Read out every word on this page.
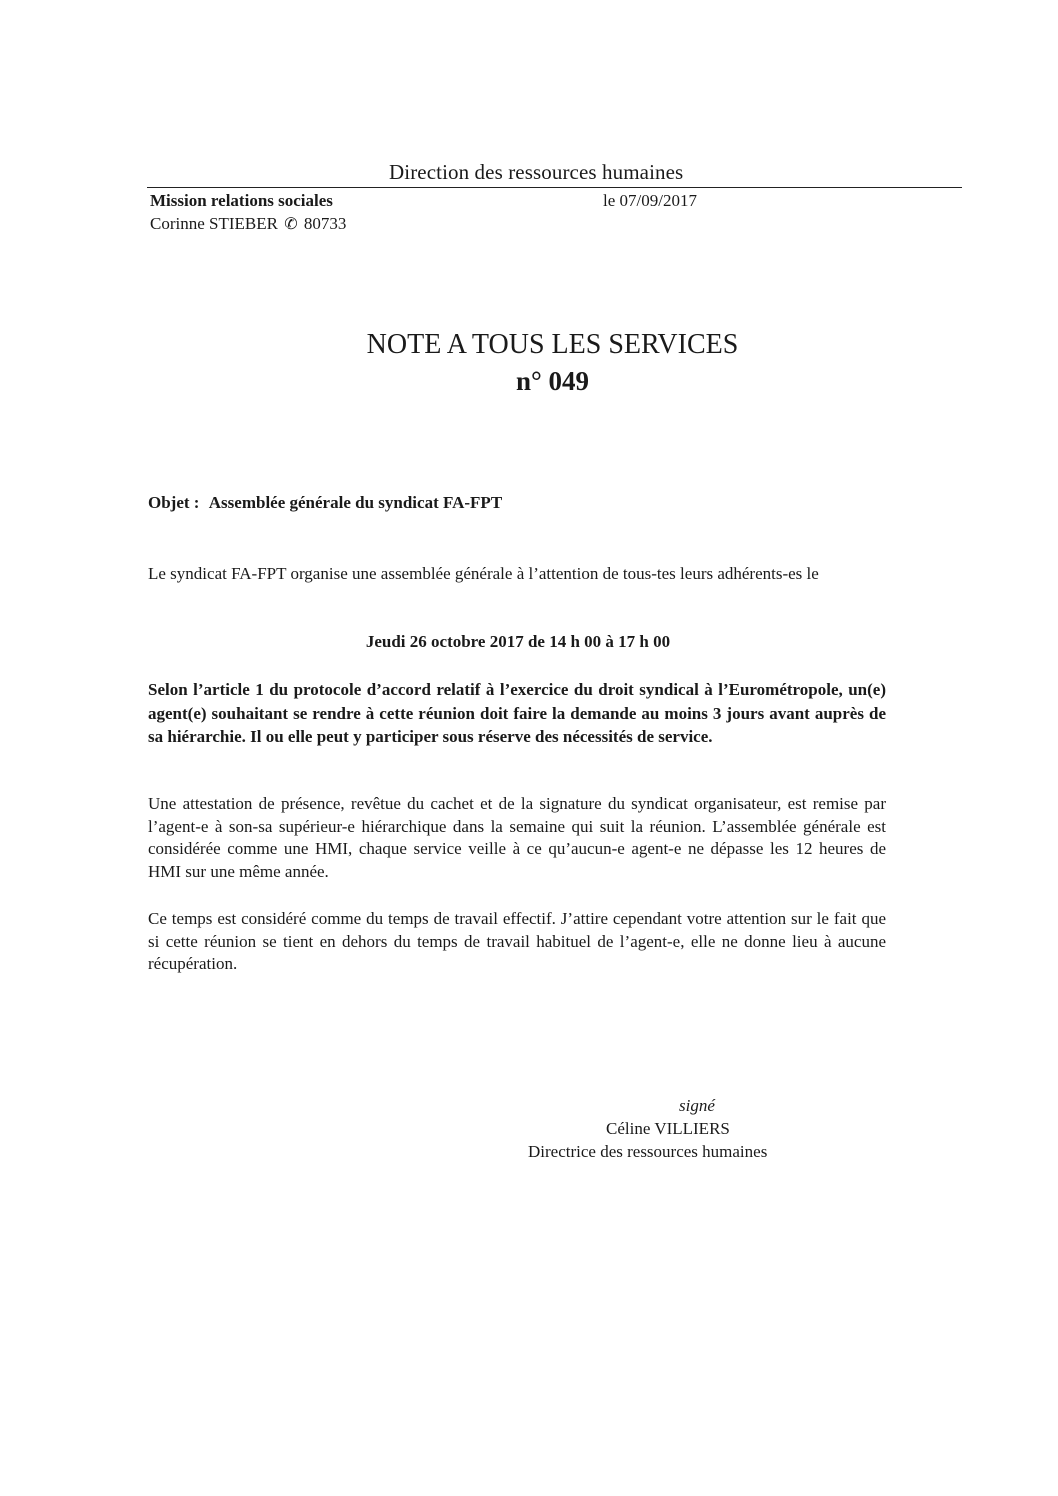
Direction des ressources humaines
Mission relations sociales	le 07/09/2017
Corinne STIEBER ✆ 80733
NOTE A TOUS LES SERVICES
n° 049
Objet : Assemblée générale du syndicat FA-FPT
Le syndicat FA-FPT organise une assemblée générale à l’attention de tous-tes leurs adhérents-es le
Jeudi 26 octobre 2017 de 14 h 00 à 17 h 00
Selon l’article 1 du protocole d’accord relatif à l’exercice du droit syndical à l’Eurométropole, un(e) agent(e) souhaitant se rendre à cette réunion doit faire la demande au moins 3 jours avant auprès de sa hiérarchie. Il ou elle peut y participer sous réserve des nécessités de service.
Une attestation de présence, revêtue du cachet et de la signature du syndicat organisateur, est remise par l’agent-e à son-sa supérieur-e hiérarchique dans la semaine qui suit la réunion. L’assemblée générale est considérée comme une HMI, chaque service veille à ce qu’aucun-e agent-e ne dépasse les 12 heures de HMI sur une même année.
Ce temps est considéré comme du temps de travail effectif. J’attire cependant votre attention sur le fait que si cette réunion se tient en dehors du temps de travail habituel de l’agent-e, elle ne donne lieu à aucune récupération.
signé
Céline VILLIERS
Directrice des ressources humaines
